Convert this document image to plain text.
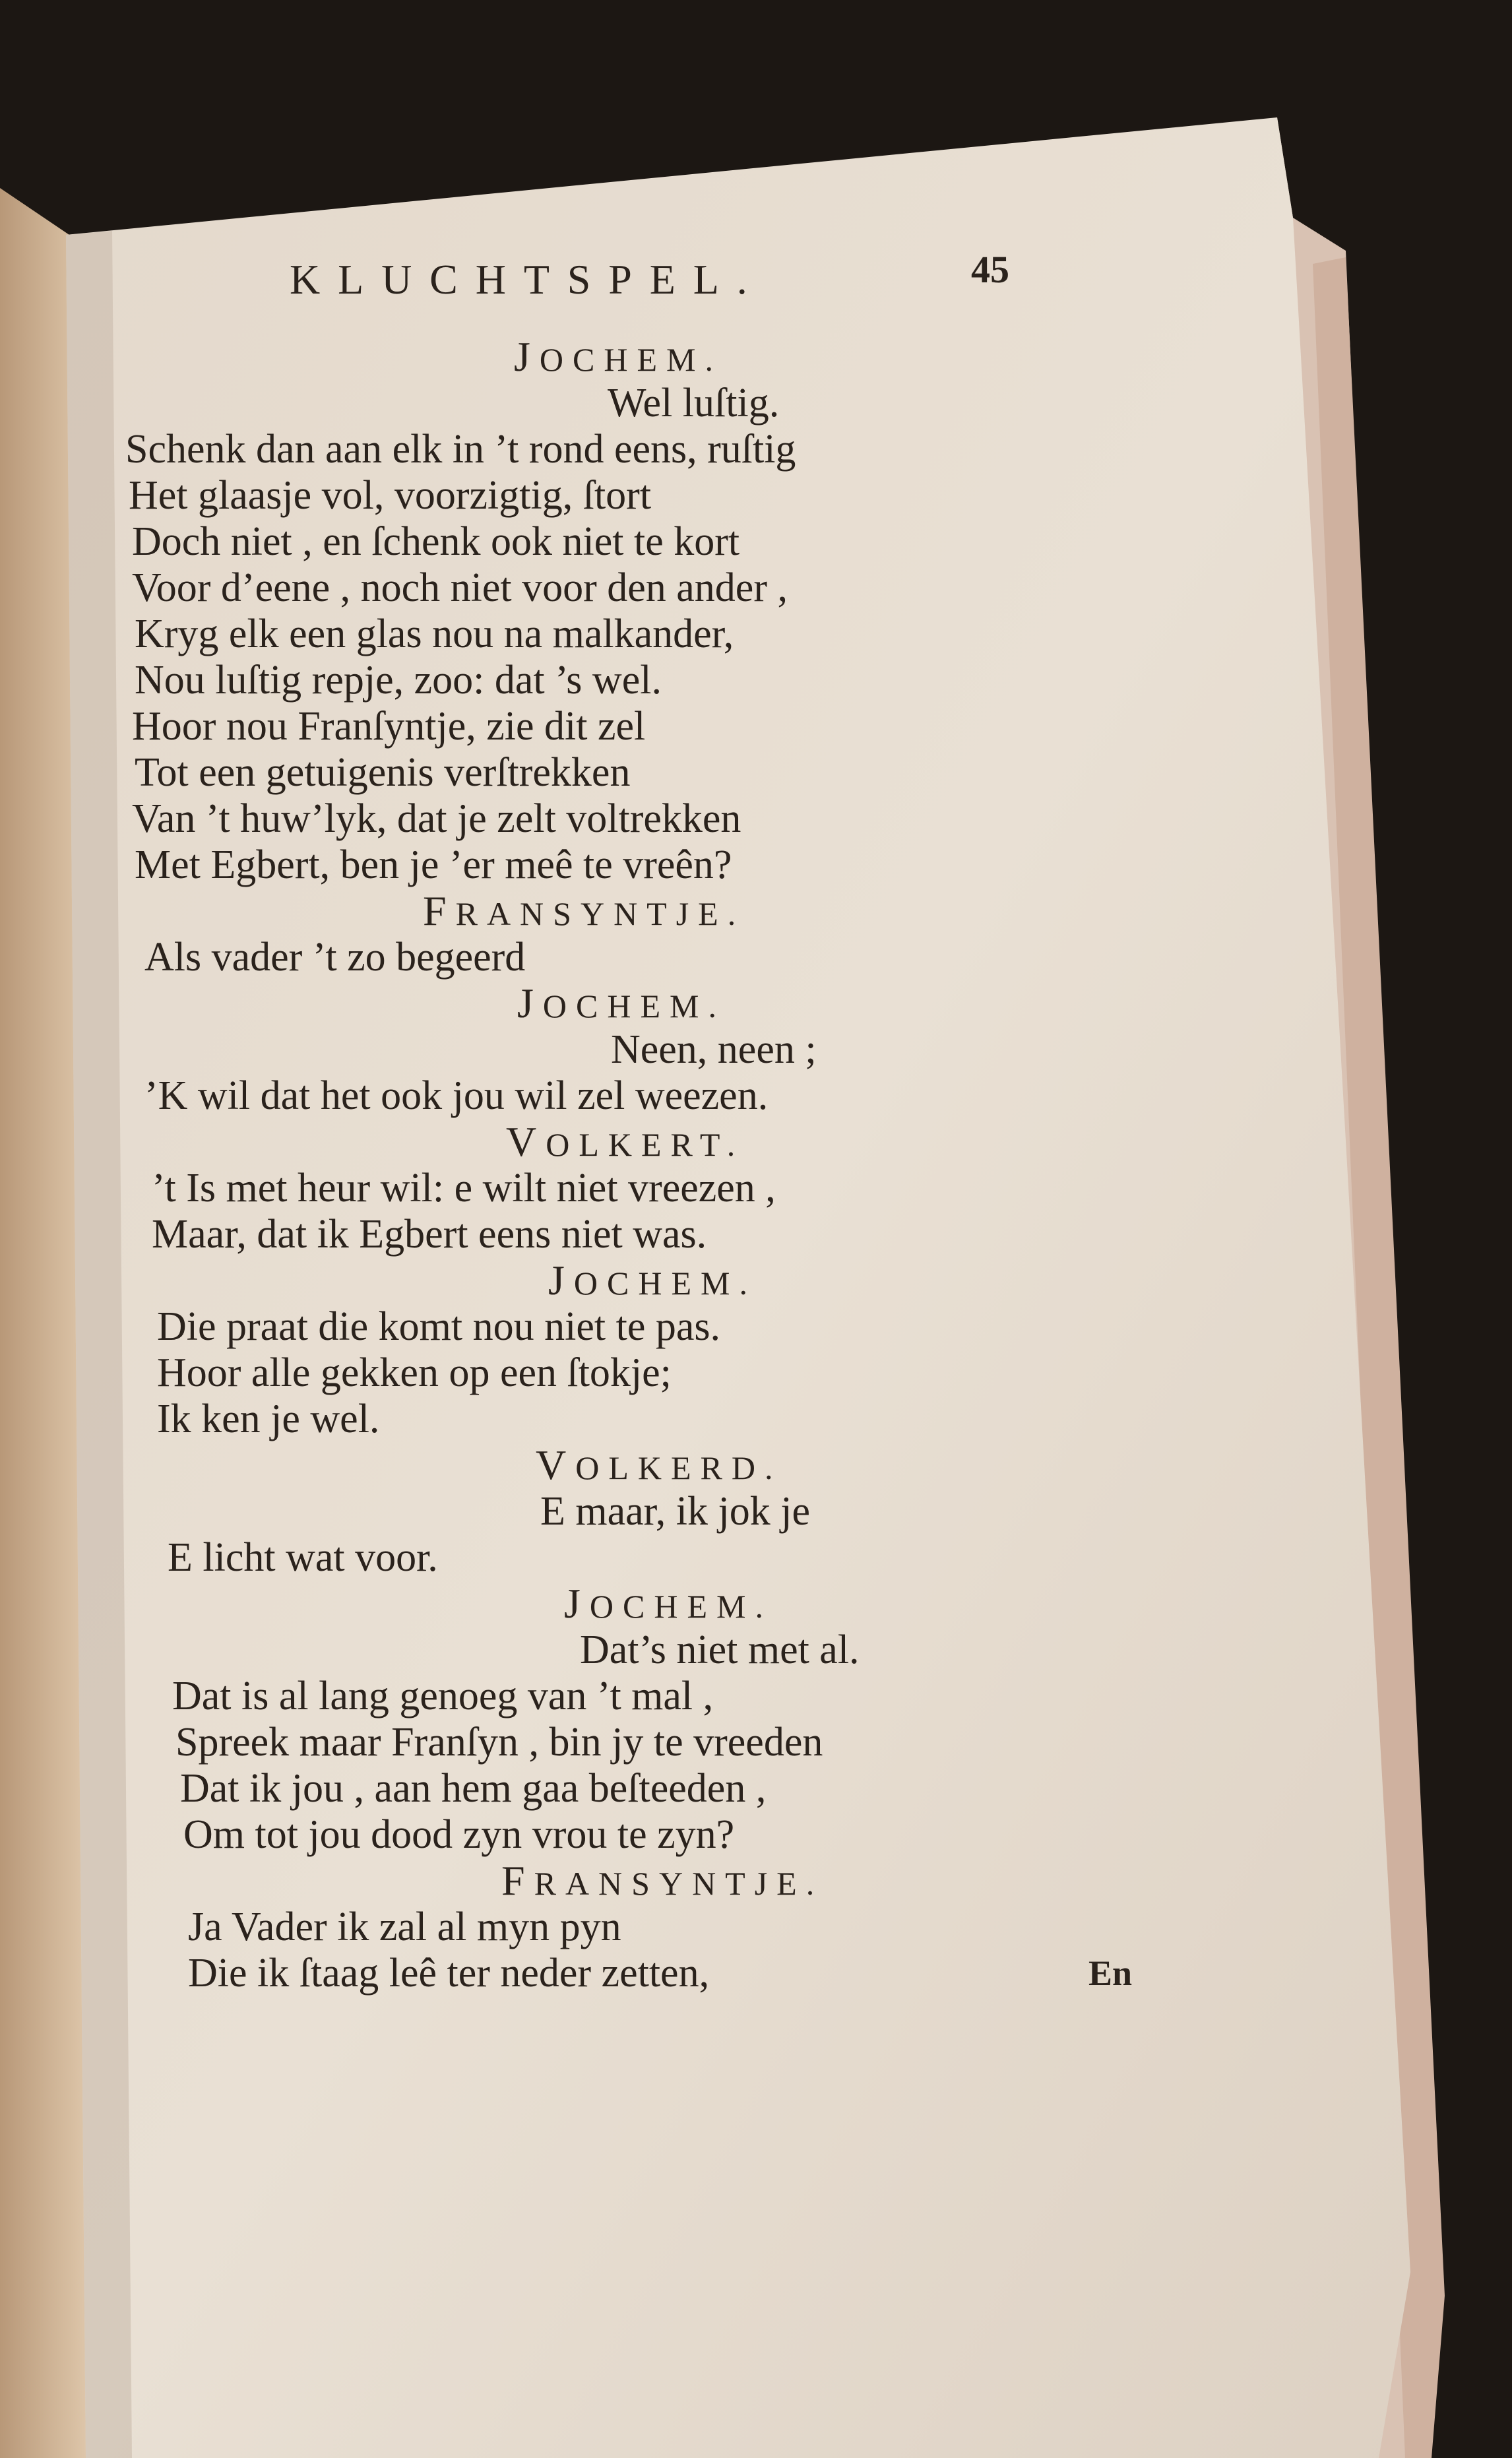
45
KLUCHTSPEL.
JOCHEM.
Wel luſtig.
Schenk dan aan elk in ’t rond eens, ruſtig
Het glaasje vol, voorzigtig, ſtort
Doch niet , en ſchenk ook niet te kort
Voor d’eene , noch niet voor den ander ,
Kryg elk een glas nou na malkander,
Nou luſtig repje, zoo: dat ’s wel.
Hoor nou Franſyntje, zie dit zel
Tot een getuigenis verſtrekken
Van ’t huw’lyk, dat je zelt voltrekken
Met Egbert, ben je ’er meê te vreên?
FRANSYNTJE.
Als vader ’t zo begeerd
JOCHEM.
Neen, neen ;
’K wil dat het ook jou wil zel weezen.
VOLKERT.
’t Is met heur wil: e wilt niet vreezen ,
Maar, dat ik Egbert eens niet was.
JOCHEM.
Die praat die komt nou niet te pas.
Hoor alle gekken op een ſtokje;
Ik ken je wel.
VOLKERD.
E maar, ik jok je
E licht wat voor.
JOCHEM.
Dat’s niet met al.
Dat is al lang genoeg van ’t mal ,
Spreek maar Franſyn , bin jy te vreeden
Dat ik jou , aan hem gaa beſteeden ,
Om tot jou dood zyn vrou te zyn?
FRANSYNTJE.
Ja Vader ik zal al myn pyn
Die ik ſtaag leê ter neder zetten,	En
